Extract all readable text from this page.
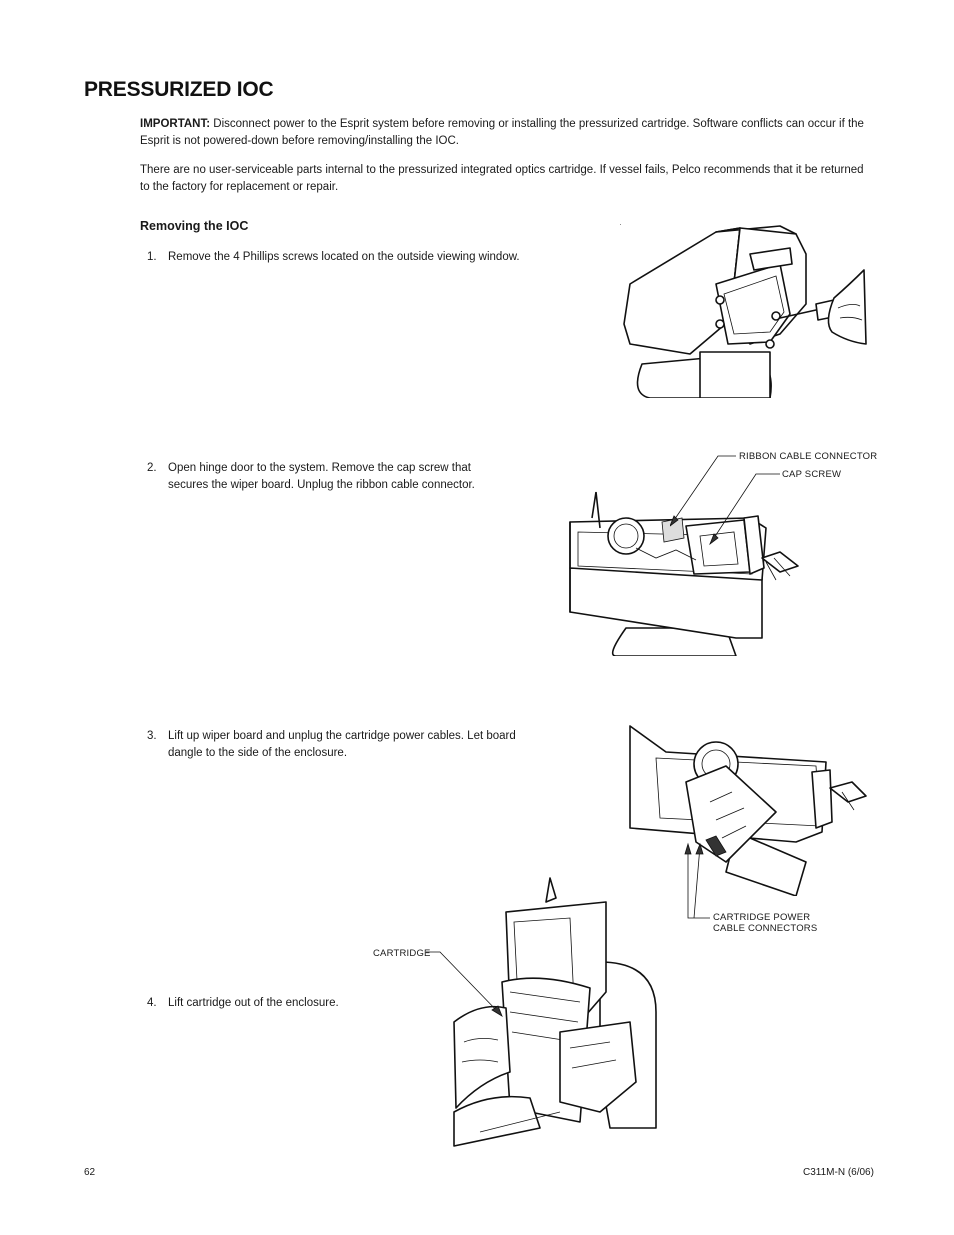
PRESSURIZED IOC

IMPORTANT: Disconnect power to the Esprit system before removing or installing the pressurized cartridge. Software conflicts can occur if the Esprit is not powered-down before removing/installing the IOC.

There are no user-serviceable parts internal to the pressurized integrated optics cartridge. If vessel fails, Pelco recommends that it be returned to the factory for replacement or repair.

Removing the IOC
1. Remove the 4 Phillips screws located on the outside viewing window.
2. Open hinge door to the system. Remove the cap screw that secures the wiper board. Unplug the ribbon cable connector.
3. Lift up wiper board and unplug the cartridge power cables. Let board dangle to the side of the enclosure.
4. Lift cartridge out of the enclosure.
RIBBON CABLE CONNECTOR
CAP SCREW
CARTRIDGE POWER
CABLE CONNECTORS
CARTRIDGE
62	C311M-N (6/06)
